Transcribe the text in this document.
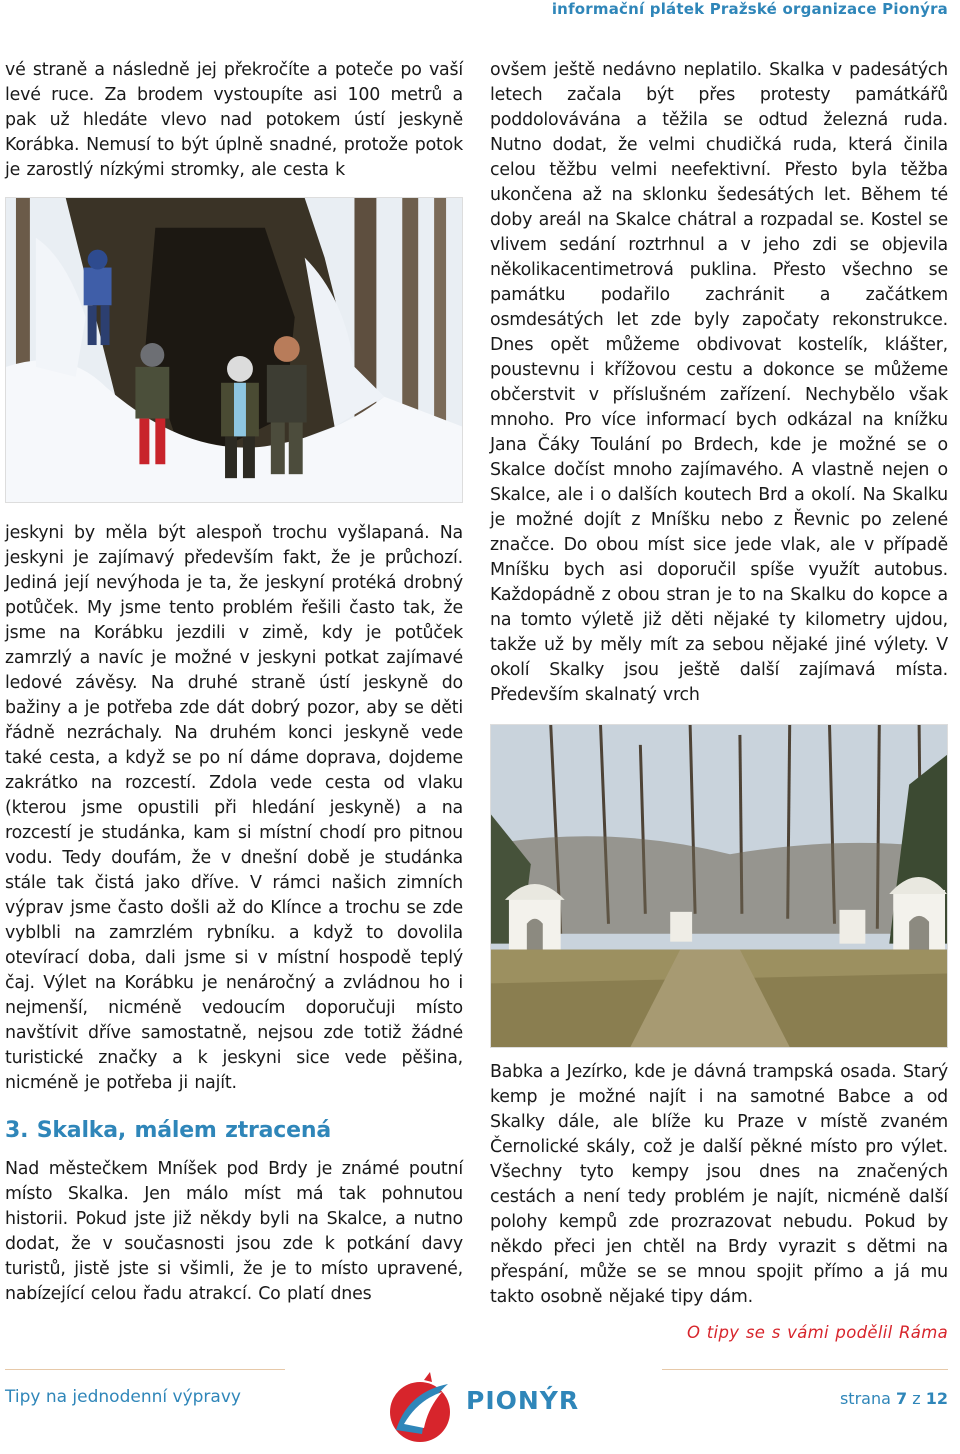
informační plátek Pražské organizace Pionýra

vé straně a následně jej překročíte a poteče po vaší levé ruce. Za brodem vystoupíte asi 100 metrů a pak už hledáte vlevo nad potokem ústí jeskyně Korábka. Nemusí to být úplně snadné, protože potok je zarostlý nízkými stromky, ale cesta k

jeskyni by měla být alespoň trochu vyšlapaná. Na jeskyni je zajímavý především fakt, že je průchozí. Jediná její nevýhoda je ta, že jeskyní protéká drobný potůček. My jsme tento problém řešili často tak, že jsme na Korábku jezdili v zimě, kdy je potůček zamrzlý a navíc je možné v jeskyni potkat zajímavé ledové závěsy. Na druhé straně ústí jeskyně do bažiny a je potřeba zde dát dobrý pozor, aby se děti řádně nezráchaly. Na druhém konci jeskyně vede také cesta, a když se po ní dáme doprava, dojdeme zakrátko na rozcestí. Zdola vede cesta od vlaku (kterou jsme opustili při hledání jeskyně) a na rozcestí je studánka, kam si místní chodí pro pitnou vodu. Tedy doufám, že v dnešní době je studánka stále tak čistá jako dříve. V rámci našich zimních výprav jsme často došli až do Klínce a trochu se zde vyblbli na zamrzlém rybníku. a když to dovolila otevírací doba, dali jsme si v místní hospodě teplý čaj. Výlet na Korábku je nenáročný a zvládnou ho i nejmenší, nicméně vedoucím doporučuji místo navštívit dříve samostatně, nejsou zde totiž žádné turistické značky a k jeskyni sice vede pěšina, nicméně je potřeba ji najít.

3. Skalka, málem ztracená

Nad městečkem Mníšek pod Brdy je známé poutní místo Skalka. Jen málo míst má tak pohnutou historii. Pokud jste již někdy byli na Skalce, a nutno dodat, že v současnosti jsou zde k potkání davy turistů, jistě jste si všimli, že je to místo upravené, nabízející celou řadu atrakcí. Co platí dnes

ovšem ještě nedávno neplatilo. Skalka v padesátých letech začala být přes protesty památkářů poddolovávána a těžila se odtud železná ruda. Nutno dodat, že velmi chudičká ruda, která činila celou těžbu velmi neefektivní. Přesto byla těžba ukončena až na sklonku šedesátých let. Během té doby areál na Skalce chátral a rozpadal se. Kostel se vlivem sedání roztrhnul a v jeho zdi se objevila několikacentimetrová puklina. Přesto všechno se památku podařilo zachránit a začátkem osmdesátých let zde byly započaty rekonstrukce. Dnes opět můžeme obdivovat kostelík, klášter, poustevnu i křížovou cestu a dokonce se můžeme občerstvit v příslušném zařízení. Nechybělo však mnoho. Pro více informací bych odkázal na knížku Jana Čáky Toulání po Brdech, kde je možné se o Skalce dočíst mnoho zajímavého. A vlastně nejen o Skalce, ale i o dalších koutech Brd a okolí. Na Skalku je možné dojít z Mníšku nebo z Řevnic po zelené značce. Do obou míst sice jede vlak, ale v případě Mníšku bych asi doporučil spíše využít autobus. Každopádně z obou stran je to na Skalku do kopce a na tomto výletě již děti nějaké ty kilometry ujdou, takže už by měly mít za sebou nějaké jiné výlety. V okolí Skalky jsou ještě další zajímavá místa. Především skalnatý vrch

Babka a Jezírko, kde je dávná trampská osada. Starý kemp je možné najít i na samotné Babce a od Skalky dále, ale blíže ku Praze v místě zvaném Černolické skály, což je další pěkné místo pro výlet. Všechny tyto kempy jsou dnes na značených cestách a není tedy problém je najít, nicméně další polohy kempů zde prozrazovat nebudu. Pokud by někdo přeci jen chtěl na Brdy vyrazit s dětmi na přespání, může se se mnou spojit přímo a já mu takto osobně nějaké tipy dám.

O tipy se s vámi podělil Ráma
Tipy na jednodenní výpravy	PIONÝR	strana 7 z 12
